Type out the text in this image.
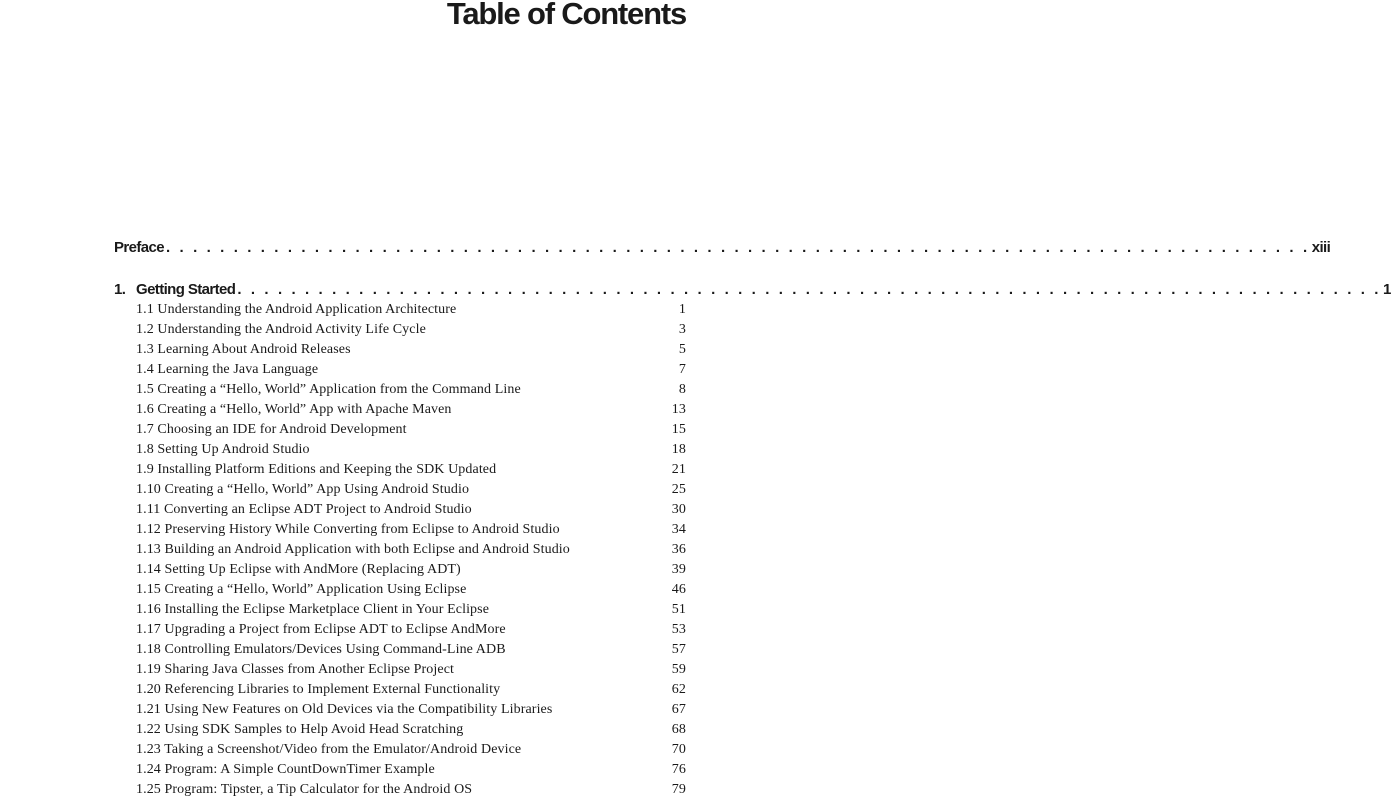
Table of Contents
Preface . . . . . . . . . . . . . . . . . . . . . . . . . . . . . . . . . . . . . . . . . . . . . . . . . . . . . . . . . . . . . . . . . . . . . . . . . . . . . . . . . . . . . xiii
1. Getting Started . . . . . . . . . . . . . . . . . . . . . . . . . . . . . . . . . . . . . . . . . . . . . . . . . . . . . . . . . . . . . . . . . . . . . . . . . . . . . . . . . . . . . 1
1.1 Understanding the Android Application Architecture	1
1.2 Understanding the Android Activity Life Cycle	3
1.3 Learning About Android Releases	5
1.4 Learning the Java Language	7
1.5 Creating a “Hello, World” Application from the Command Line	8
1.6 Creating a “Hello, World” App with Apache Maven	13
1.7 Choosing an IDE for Android Development	15
1.8 Setting Up Android Studio	18
1.9 Installing Platform Editions and Keeping the SDK Updated	21
1.10 Creating a “Hello, World” App Using Android Studio	25
1.11 Converting an Eclipse ADT Project to Android Studio	30
1.12 Preserving History While Converting from Eclipse to Android Studio	34
1.13 Building an Android Application with both Eclipse and Android Studio	36
1.14 Setting Up Eclipse with AndMore (Replacing ADT)	39
1.15 Creating a “Hello, World” Application Using Eclipse	46
1.16 Installing the Eclipse Marketplace Client in Your Eclipse	51
1.17 Upgrading a Project from Eclipse ADT to Eclipse AndMore	53
1.18 Controlling Emulators/Devices Using Command-Line ADB	57
1.19 Sharing Java Classes from Another Eclipse Project	59
1.20 Referencing Libraries to Implement External Functionality	62
1.21 Using New Features on Old Devices via the Compatibility Libraries	67
1.22 Using SDK Samples to Help Avoid Head Scratching	68
1.23 Taking a Screenshot/Video from the Emulator/Android Device	70
1.24 Program: A Simple CountDownTimer Example	76
1.25 Program: Tipster, a Tip Calculator for the Android OS	79
